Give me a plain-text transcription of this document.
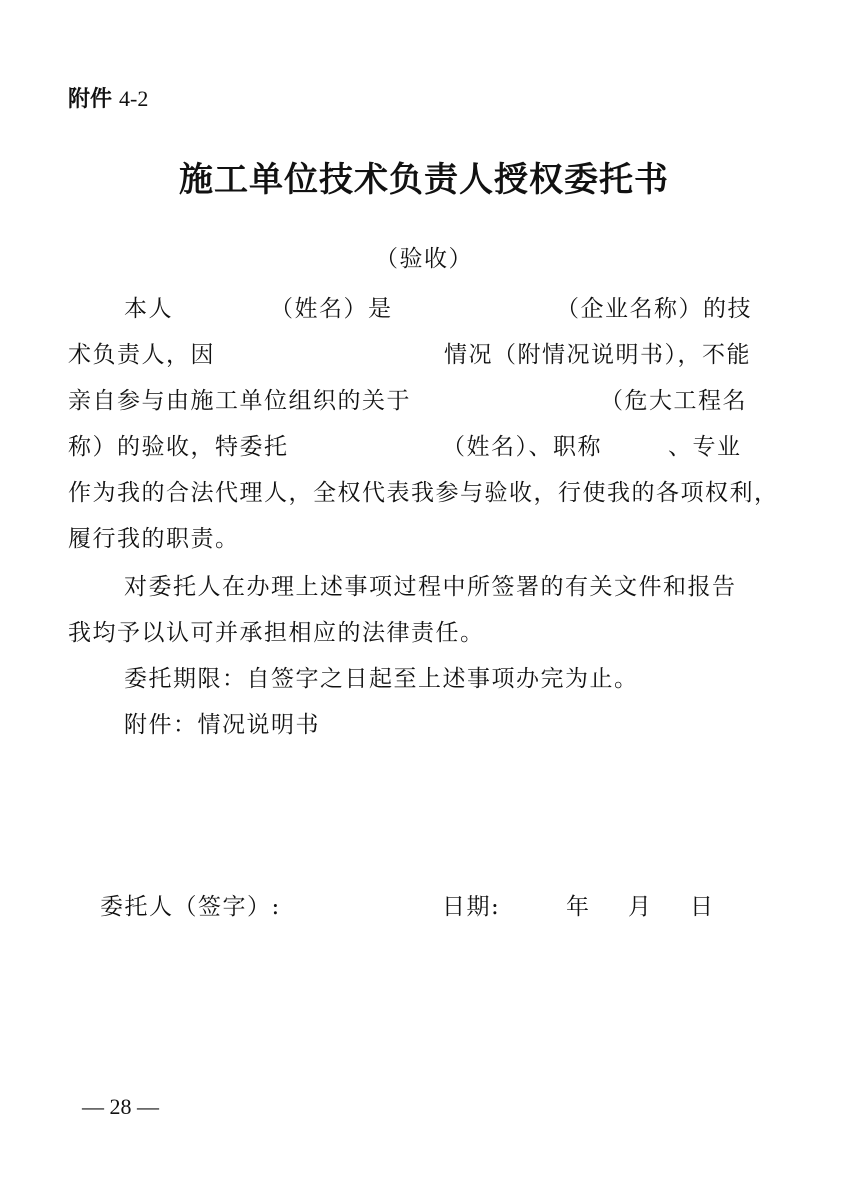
附件 4-2
施工单位技术负责人授权委托书
（验收）
本人	（姓名）是	（企业名称）的技
术负责人，因	情况（附情况说明书），不能
亲自参与由施工单位组织的关于	（危大工程名
称）的验收，特委托	（姓名）、职称	、专业
作为我的合法代理人，全权代表我参与验收，行使我的各项权利，
履行我的职责。
对委托人在办理上述事项过程中所签署的有关文件和报告
我均予以认可并承担相应的法律责任。
委托期限：自签字之日起至上述事项办完为止。
附件：情况说明书
委托人（签字）:	日期:	年 月 日
— 28 —
